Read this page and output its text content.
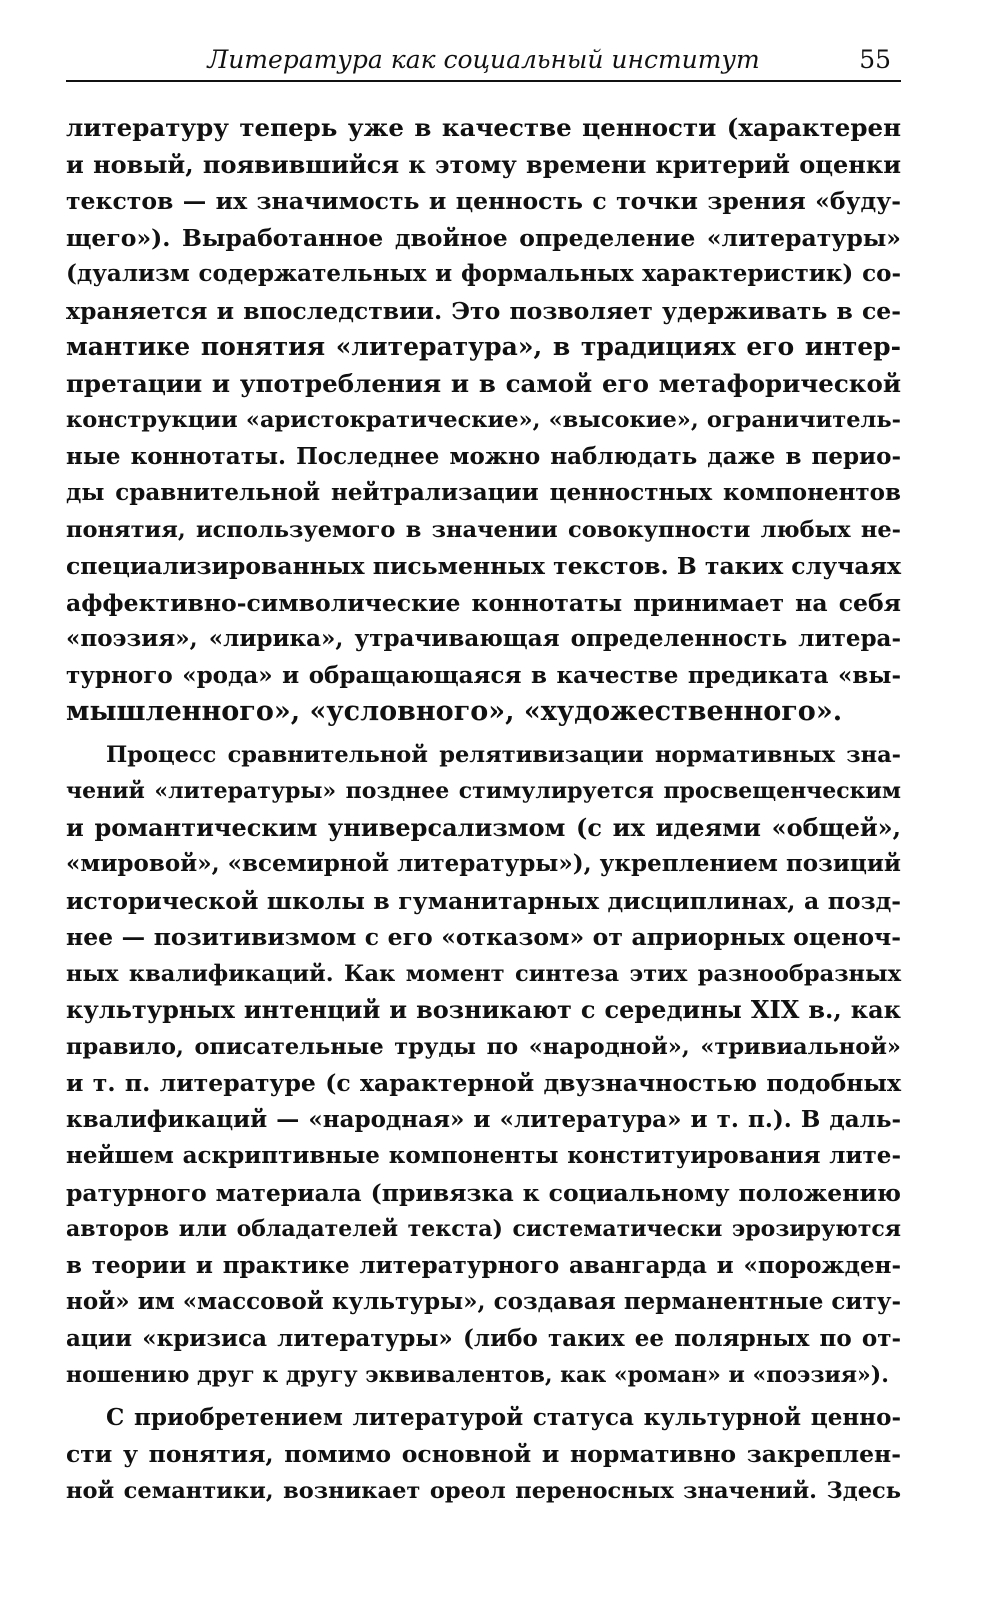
Литература как социальный институт	55
литературу теперь уже в качестве ценности (характерен
и новый, появившийся к этому времени критерий оценки
текстов — их значимость и ценность с точки зрения «буду-
щего»). Выработанное двойное определение «литературы»
(дуализм содержательных и формальных характеристик) со-
храняется и впоследствии. Это позволяет удерживать в се-
мантике понятия «литература», в традициях его интер-
претации и употребления и в самой его метафорической
конструкции «аристократические», «высокие», ограничитель-
ные коннотаты. Последнее можно наблюдать даже в перио-
ды сравнительной нейтрализации ценностных компонентов
понятия, используемого в значении совокупности любых не-
специализированных письменных текстов. В таких случаях
аффективно-символические коннотаты принимает на себя
«поэзия», «лирика», утрачивающая определенность литера-
турного «рода» и обращающаяся в качестве предиката «вы-
мышленного», «условного», «художественного».
Процесс сравнительной релятивизации нормативных зна-
чений «литературы» позднее стимулируется просвещенческим
и романтическим универсализмом (с их идеями «общей»,
«мировой», «всемирной литературы»), укреплением позиций
исторической школы в гуманитарных дисциплинах, а позд-
нее — позитивизмом с его «отказом» от априорных оценоч-
ных квалификаций. Как момент синтеза этих разнообразных
культурных интенций и возникают с середины XIX в., как
правило, описательные труды по «народной», «тривиальной»
и т. п. литературе (с характерной двузначностью подобных
квалификаций — «народная» и «литература» и т. п.). В даль-
нейшем аскриптивные компоненты конституирования лите-
ратурного материала (привязка к социальному положению
авторов или обладателей текста) систематически эрозируются
в теории и практике литературного авангарда и «порожден-
ной» им «массовой культуры», создавая перманентные ситу-
ации «кризиса литературы» (либо таких ее полярных по от-
ношению друг к другу эквивалентов, как «роман» и «поэзия»).
С приобретением литературой статуса культурной ценно-
сти у понятия, помимо основной и нормативно закреплен-
ной семантики, возникает ореол переносных значений. Здесь
